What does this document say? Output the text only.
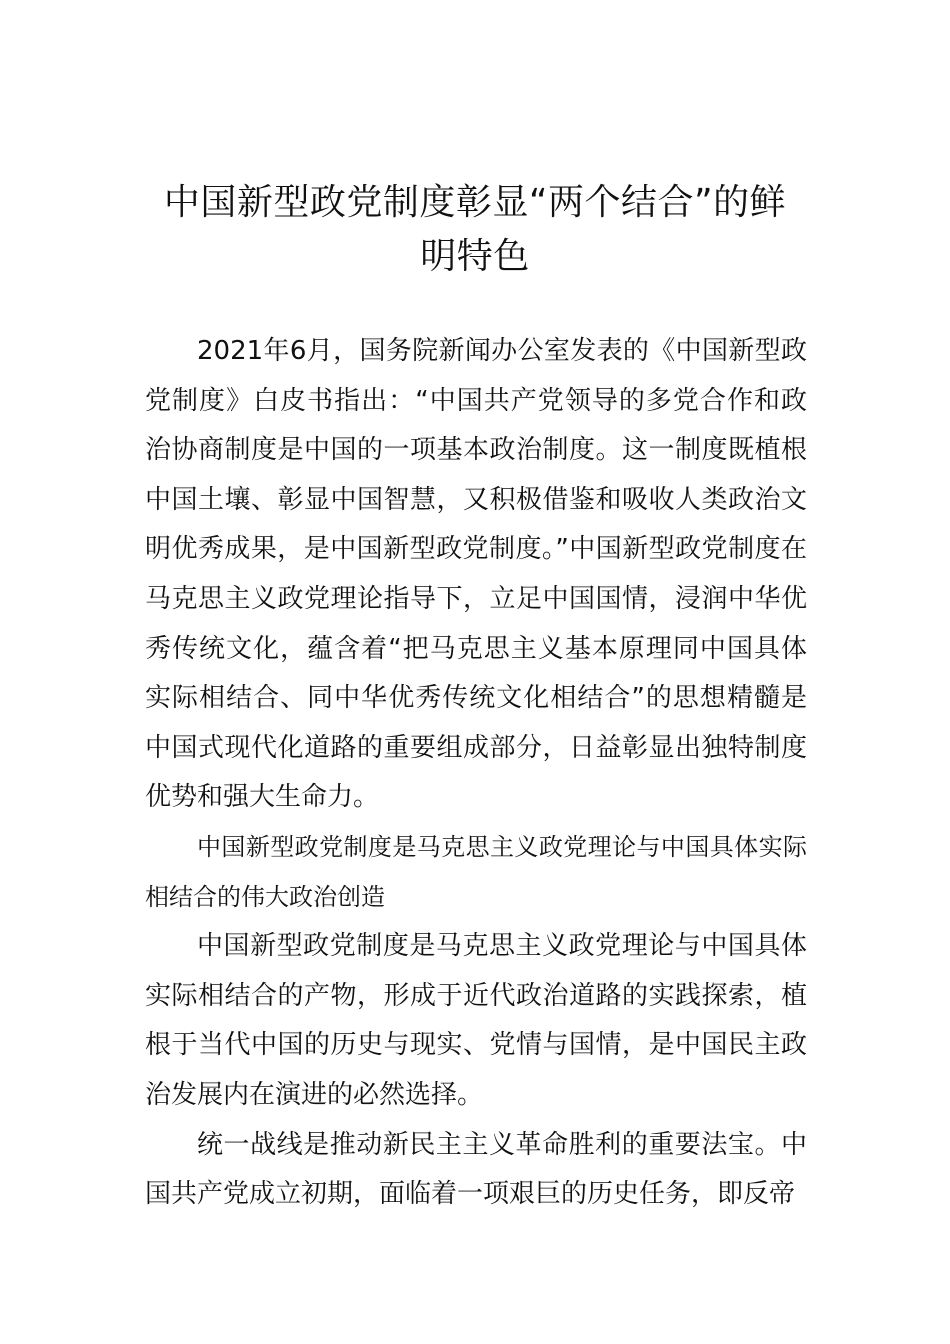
中国新型政党制度彰显“两个结合”的鲜明特色

2021年6月，国务院新闻办公室发表的《中国新型政党制度》白皮书指出：“中国共产党领导的多党合作和政治协商制度是中国的一项基本政治制度。这一制度既植根中国土壤、彰显中国智慧，又积极借鉴和吸收人类政治文明优秀成果，是中国新型政党制度。”中国新型政党制度在马克思主义政党理论指导下，立足中国国情，浸润中华优秀传统文化，蕴含着“把马克思主义基本原理同中国具体实际相结合、同中华优秀传统文化相结合”的思想精髓是中国式现代化道路的重要组成部分，日益彰显出独特制度优势和强大生命力。

中国新型政党制度是马克思主义政党理论与中国具体实际相结合的伟大政治创造

中国新型政党制度是马克思主义政党理论与中国具体实际相结合的产物，形成于近代政治道路的实践探索，植根于当代中国的历史与现实、党情与国情，是中国民主政治发展内在演进的必然选择。

统一战线是推动新民主主义革命胜利的重要法宝。中国共产党成立初期，面临着一项艰巨的历史任务，即反帝
